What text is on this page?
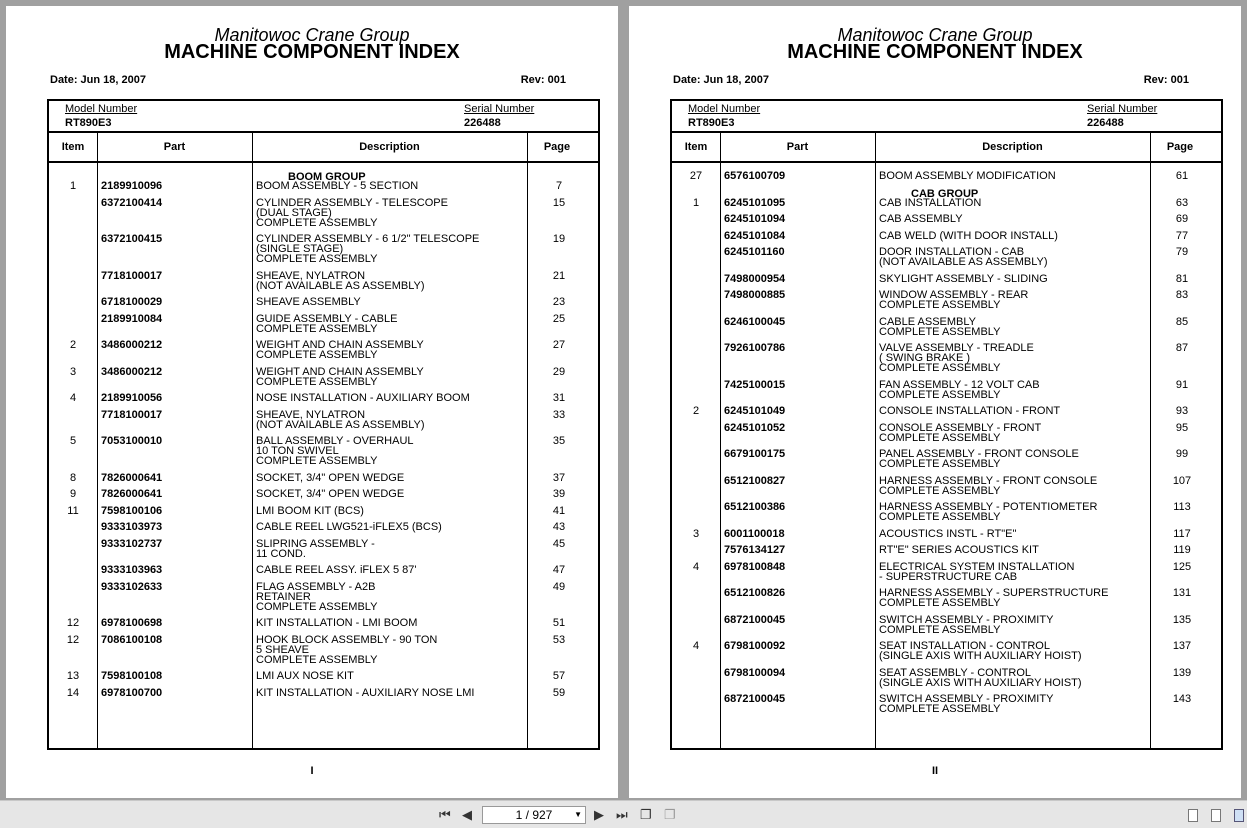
Manitowoc Crane Group
MACHINE COMPONENT INDEX
Date: Jun 18, 2007	Rev: 001
Model Number
RT890E3
Serial Number
226488
Item	Part	Description	Page
BOOM GROUP
1	2189910096	BOOM ASSEMBLY - 5 SECTION	7
6372100414	CYLINDER ASSEMBLY - TELESCOPE
(DUAL STAGE)
COMPLETE ASSEMBLY
15
6372100415	CYLINDER ASSEMBLY - 6 1/2" TELESCOPE
(SINGLE STAGE)
COMPLETE ASSEMBLY
19
7718100017	SHEAVE, NYLATRON
(NOT AVAILABLE AS ASSEMBLY)
21
6718100029	SHEAVE ASSEMBLY	23
2189910084	GUIDE ASSEMBLY - CABLE
COMPLETE ASSEMBLY
25
2	3486000212	WEIGHT AND CHAIN ASSEMBLY
COMPLETE ASSEMBLY
27
3	3486000212	WEIGHT AND CHAIN ASSEMBLY
COMPLETE ASSEMBLY
29
4	2189910056	NOSE INSTALLATION - AUXILIARY BOOM	31
7718100017	SHEAVE, NYLATRON
(NOT AVAILABLE AS ASSEMBLY)
33
5	7053100010	BALL ASSEMBLY - OVERHAUL
10 TON SWIVEL
COMPLETE ASSEMBLY
35
8	7826000641	SOCKET, 3/4" OPEN WEDGE	37
9	7826000641	SOCKET, 3/4" OPEN WEDGE	39
11	7598100106	LMI BOOM KIT (BCS)	41
9333103973	CABLE REEL LWG521-iFLEX5 (BCS)	43
9333102737	SLIPRING ASSEMBLY -
11 COND.
45
9333103963	CABLE REEL ASSY. iFLEX 5 87'	47
9333102633	FLAG ASSEMBLY - A2B
RETAINER
COMPLETE ASSEMBLY
49
12	6978100698	KIT INSTALLATION - LMI BOOM	51
12	7086100108	HOOK BLOCK ASSEMBLY - 90 TON
5 SHEAVE
COMPLETE ASSEMBLY
53
13	7598100108	LMI AUX NOSE KIT	57
14	6978100700	KIT INSTALLATION - AUXILIARY NOSE LMI	59
I
Manitowoc Crane Group
MACHINE COMPONENT INDEX
Date: Jun 18, 2007	Rev: 001
Model Number
RT890E3
Serial Number
226488
Item	Part	Description	Page
CAB GROUP
27	6576100709	BOOM ASSEMBLY MODIFICATION	61
1	6245101095	CAB INSTALLATION	63
6245101094	CAB ASSEMBLY	69
6245101084	CAB WELD (WITH DOOR INSTALL)	77
6245101160	DOOR INSTALLATION - CAB
(NOT AVAILABLE AS ASSEMBLY)
79
7498000954	SKYLIGHT ASSEMBLY - SLIDING	81
7498000885	WINDOW ASSEMBLY - REAR
COMPLETE ASSEMBLY
83
6246100045	CABLE ASSEMBLY
COMPLETE ASSEMBLY
85
7926100786	VALVE ASSEMBLY - TREADLE
( SWING BRAKE )
COMPLETE ASSEMBLY
87
7425100015	FAN ASSEMBLY - 12 VOLT CAB
COMPLETE ASSEMBLY
91
2	6245101049	CONSOLE INSTALLATION - FRONT	93
6245101052	CONSOLE ASSEMBLY - FRONT
COMPLETE ASSEMBLY
95
6679100175	PANEL ASSEMBLY - FRONT CONSOLE
COMPLETE ASSEMBLY
99
6512100827	HARNESS ASSEMBLY - FRONT CONSOLE
COMPLETE ASSEMBLY
107
6512100386	HARNESS ASSEMBLY - POTENTIOMETER
COMPLETE ASSEMBLY
113
3	6001100018	ACOUSTICS INSTL - RT"E"	117
7576134127	RT"E" SERIES ACOUSTICS KIT	119
4	6978100848	ELECTRICAL SYSTEM INSTALLATION
- SUPERSTRUCTURE CAB
125
6512100826	HARNESS ASSEMBLY - SUPERSTRUCTURE
COMPLETE ASSEMBLY
131
6872100045	SWITCH ASSEMBLY - PROXIMITY
COMPLETE ASSEMBLY
135
4	6798100092	SEAT INSTALLATION - CONTROL
(SINGLE AXIS WITH AUXILIARY HOIST)
137
6798100094	SEAT ASSEMBLY - CONTROL
(SINGLE AXIS WITH AUXILIARY HOIST)
139
6872100045	SWITCH ASSEMBLY - PROXIMITY
COMPLETE ASSEMBLY
143
II
⏮ ◀	1 / 927	▼ ▶ ⏭ ❐ ❐
